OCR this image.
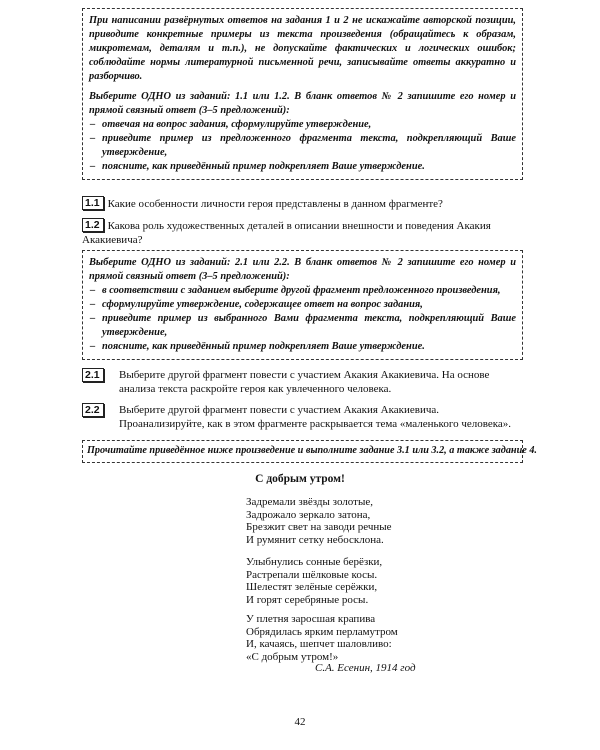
При написании развёрнутых ответов на задания 1 и 2 не искажайте авторской позиции, приводите конкретные примеры из текста произведения (обращайтесь к образам, микротемам, деталям и т.п.), не допускайте фактических и логических ошибок; соблюдайте нормы литературной письменной речи, записывайте ответы аккуратно и разборчиво.

Выберите ОДНО из заданий: 1.1 или 1.2. В бланк ответов № 2 запишите его номер и прямой связный ответ (3–5 предложений):

– отвечая на вопрос задания, сформулируйте утверждение,

– приведите пример из предложенного фрагмента текста, подкрепляющий Ваше утверждение,

– поясните, как приведённый пример подкрепляет Ваше утверждение.

1.1 Какие особенности личности героя представлены в данном фрагменте?
1.2 Какова роль художественных деталей в описании внешности и поведения Акакия Акакиевича?

Выберите ОДНО из заданий: 2.1 или 2.2. В бланк ответов № 2 запишите его номер и прямой связный ответ (3–5 предложений):

– в соответствии с заданием выберите другой фрагмент предложенного произведения,

– сформулируйте утверждение, содержащее ответ на вопрос задания,

– приведите пример из выбранного Вами фрагмента текста, подкрепляющий Ваше утверждение,

– поясните, как приведённый пример подкрепляет Ваше утверждение.

2.1	Выберите другой фрагмент повести с участием Акакия Акакиевича. На основе анализа текста раскройте героя как увлеченного человека.
2.2	Выберите другой фрагмент повести с участием Акакия Акакиевича. Проанализируйте, как в этом фрагменте раскрывается тема «маленького человека».

Прочитайте приведённое ниже произведение и выполните задание 3.1 или 3.2, а также задание 4.

С добрым утром!
Задремали звёзды золотые,
Задрожало зеркало затона,
Брезжит свет на заводи речные
И румянит сетку небосклона.
Улыбнулись сонные берёзки,
Растрепали шёлковые косы.
Шелестят зелёные серёжки,
И горят серебряные росы.
У плетня заросшая крапива
Обрядилась ярким перламутром
И, качаясь, шепчет шаловливо:
«С добрым утром!»
С.А. Есенин, 1914 год
42
